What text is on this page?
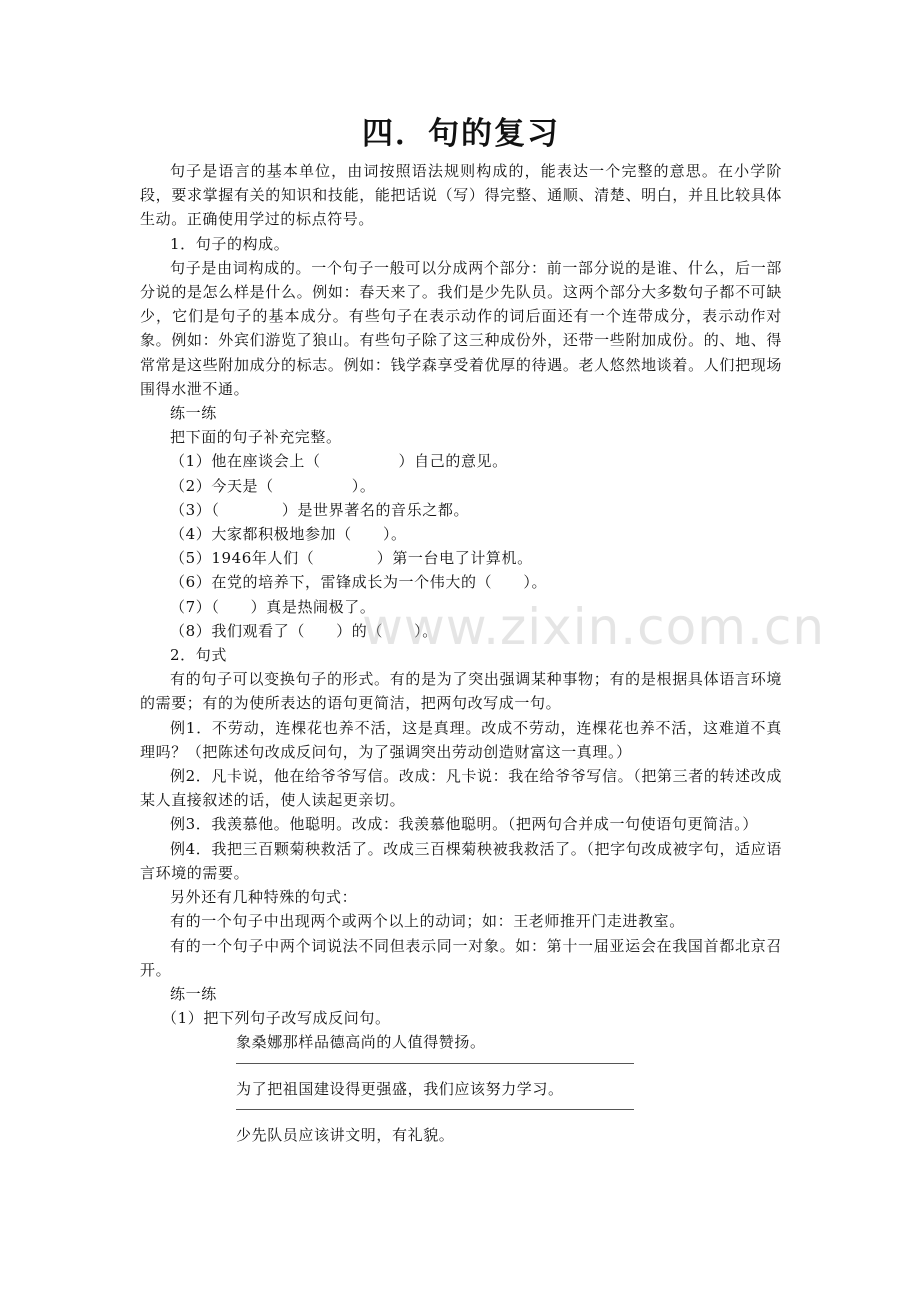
四．句的复习

句子是语言的基本单位，由词按照语法规则构成的，能表达一个完整的意思。在小学阶段，要求掌握有关的知识和技能，能把话说（写）得完整、通顺、清楚、明白，并且比较具体生动。正确使用学过的标点符号。

1．句子的构成。

句子是由词构成的。一个句子一般可以分成两个部分：前一部分说的是谁、什么，后一部分说的是怎么样是什么。例如：春天来了。我们是少先队员。这两个部分大多数句子都不可缺少，它们是句子的基本成分。有些句子在表示动作的词后面还有一个连带成分，表示动作对象。例如：外宾们游览了狼山。有些句子除了这三种成份外，还带一些附加成份。的、地、得常常是这些附加成分的标志。例如：钱学森享受着优厚的待遇。老人悠然地谈着。人们把现场围得水泄不通。

练一练

把下面的句子补充完整。

（1）他在座谈会上（　　　　　）自己的意见。

（2）今天是（　　　　　）。

（3）（　　　　）是世界著名的音乐之都。

（4）大家都积极地参加（　　）。

（5）1946年人们（　　　　）第一台电了计算机。

（6）在党的培养下，雷锋成长为一个伟大的（　　）。

（7）（　　）真是热闹极了。

（8）我们观看了（　　）的（　　）。

2．句式

有的句子可以变换句子的形式。有的是为了突出强调某种事物；有的是根据具体语言环境的需要；有的为使所表达的语句更简洁，把两句改写成一句。

例1．不劳动，连棵花也养不活，这是真理。改成不劳动，连棵花也养不活，这难道不真理吗？（把陈述句改成反问句，为了强调突出劳动创造财富这一真理。）

例2．凡卡说，他在给爷爷写信。改成：凡卡说：我在给爷爷写信。（把第三者的转述改成某人直接叙述的话，使人读起更亲切。

例3．我羡慕他。他聪明。改成：我羡慕他聪明。（把两句合并成一句使语句更简洁。）

例4．我把三百颗菊秧救活了。改成三百棵菊秧被我救活了。（把字句改成被字句，适应语言环境的需要。

另外还有几种特殊的句式：

有的一个句子中出现两个或两个以上的动词；如：王老师推开门走进教室。

有的一个句子中两个词说法不同但表示同一对象。如：第十一届亚运会在我国首都北京召开。

练一练

（1）把下列句子改写成反问句。

象桑娜那样品德高尚的人值得赞扬。

为了把祖国建设得更强盛，我们应该努力学习。

少先队员应该讲文明，有礼貌。

www.zixin.com.cn
